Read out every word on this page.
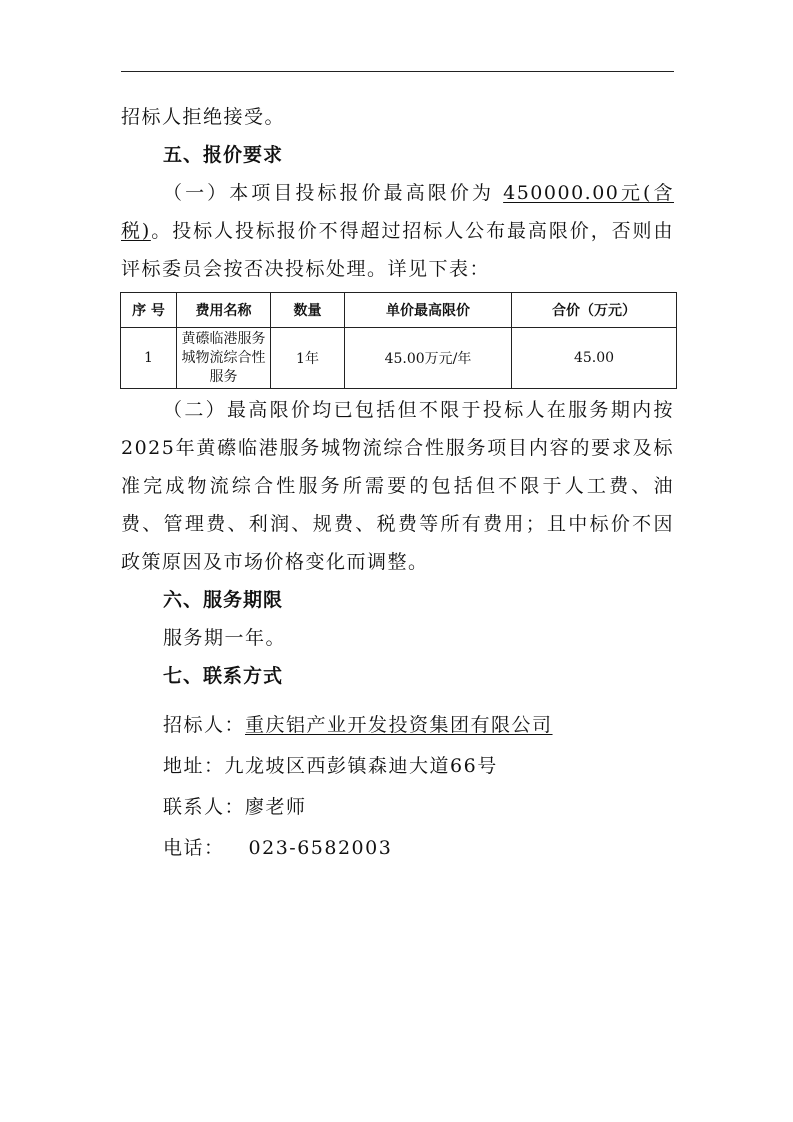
招标人拒绝接受。

五、报价要求

（一）本项目投标报价最高限价为 450000.00元(含税)。投标人投标报价不得超过招标人公布最高限价，否则由评标委员会按否决投标处理。详见下表：

序 号	费用名称	数量	单价最高限价	合价（万元）
1	黄礤临港服务城物流综合性服务	1年	45.00万元/年	45.00

（二）最高限价均已包括但不限于投标人在服务期内按2025年黄礤临港服务城物流综合性服务项目内容的要求及标准完成物流综合性服务所需要的包括但不限于人工费、油费、管理费、利润、规费、税费等所有费用；且中标价不因政策原因及市场价格变化而调整。

六、服务期限

服务期一年。

七、联系方式

招标人：重庆铝产业开发投资集团有限公司

地址：九龙坡区西彭镇森迪大道66号

联系人：廖老师

电话： 023-6582003
